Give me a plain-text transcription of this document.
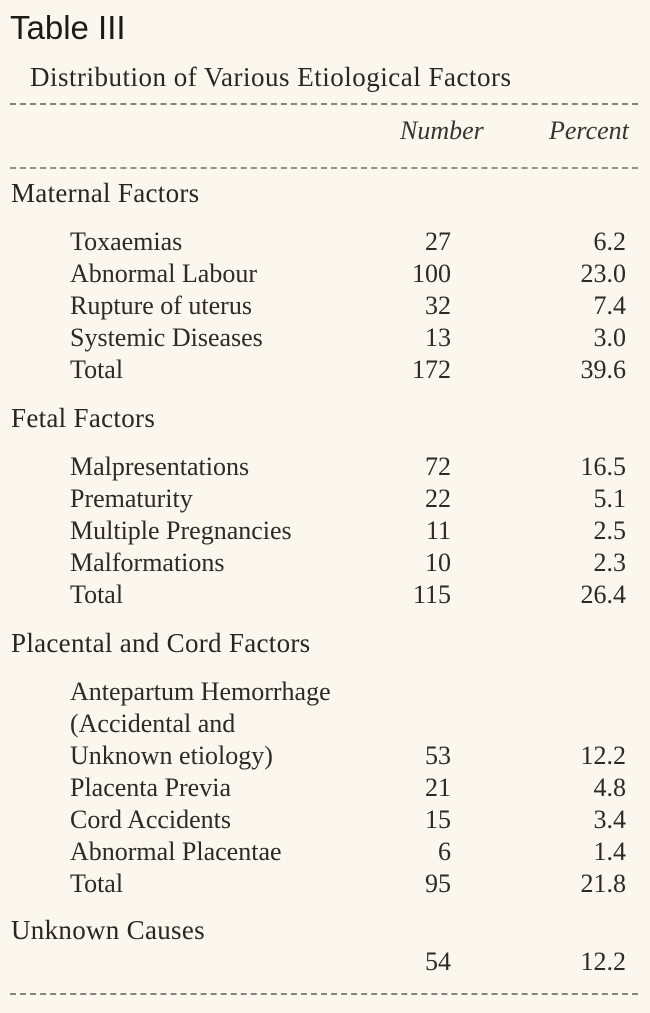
Table III
Distribution of Various Etiological Factors
Number	Percent
Maternal Factors
Toxaemias	27	6.2
Abnormal Labour	100	23.0
Rupture of uterus	32	7.4
Systemic Diseases	13	3.0
Total	172	39.6
Fetal Factors
Malpresentations	72	16.5
Prematurity	22	5.1
Multiple Pregnancies	11	2.5
Malformations	10	2.3
Total	115	26.4
Placental and Cord Factors
Antepartum Hemorrhage
(Accidental and
Unknown etiology)	53	12.2
Placenta Previa	21	4.8
Cord Accidents	15	3.4
Abnormal Placentae	6	1.4
Total	95	21.8
Unknown Causes
54	12.2
